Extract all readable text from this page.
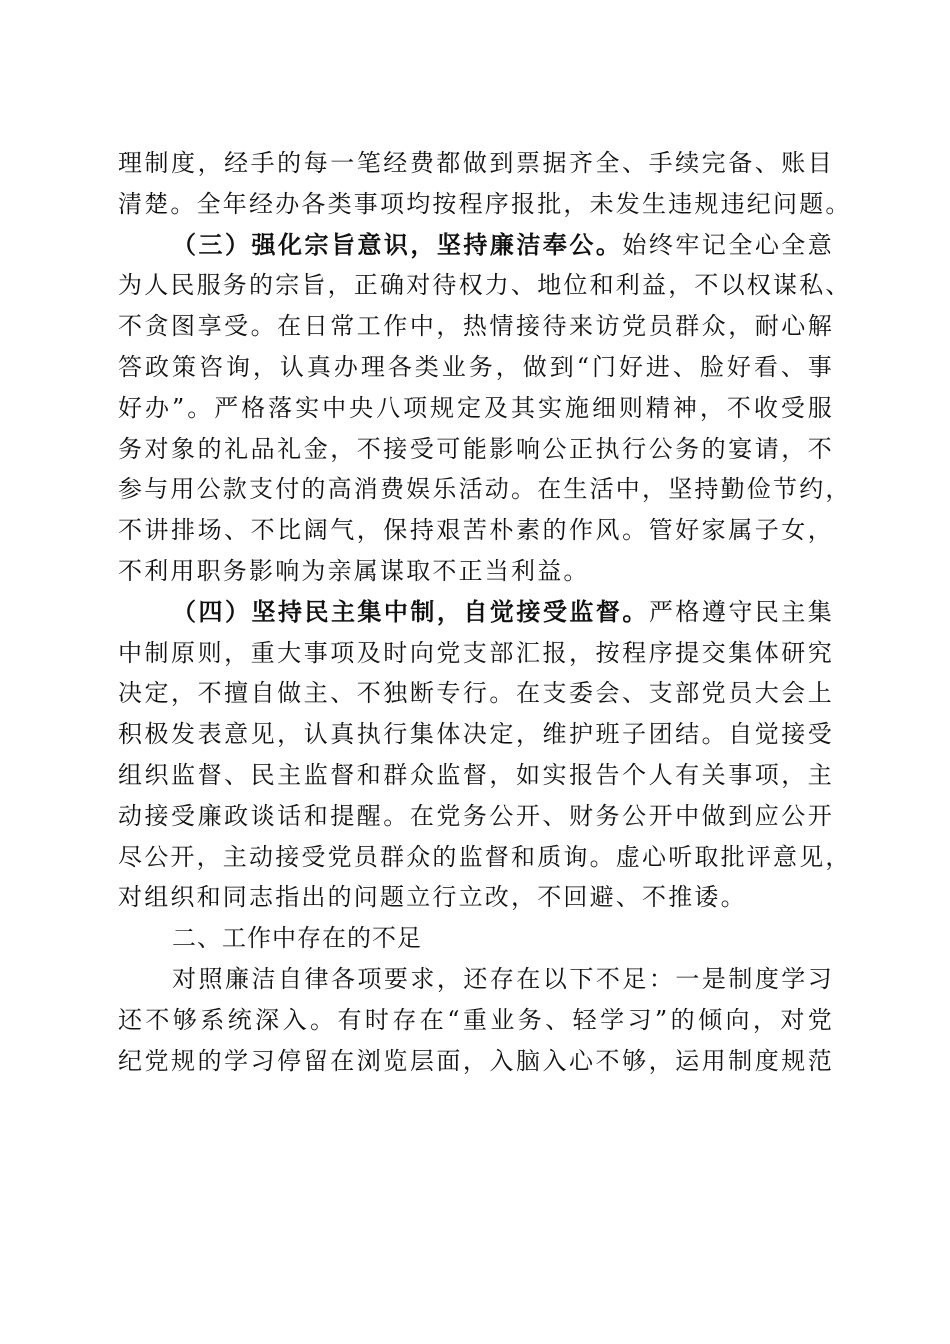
理制度，经手的每一笔经费都做到票据齐全、手续完备、账目
清楚。全年经办各类事项均按程序报批，未发生违规违纪问题。
（三）强化宗旨意识，坚持廉洁奉公。始终牢记全心全意
为人民服务的宗旨，正确对待权力、地位和利益，不以权谋私、
不贪图享受。在日常工作中，热情接待来访党员群众，耐心解
答政策咨询，认真办理各类业务，做到“门好进、脸好看、事
好办”。严格落实中央八项规定及其实施细则精神，不收受服
务对象的礼品礼金，不接受可能影响公正执行公务的宴请，不
参与用公款支付的高消费娱乐活动。在生活中，坚持勤俭节约，
不讲排场、不比阔气，保持艰苦朴素的作风。管好家属子女，
不利用职务影响为亲属谋取不正当利益。
（四）坚持民主集中制，自觉接受监督。严格遵守民主集
中制原则，重大事项及时向党支部汇报，按程序提交集体研究
决定，不擅自做主、不独断专行。在支委会、支部党员大会上
积极发表意见，认真执行集体决定，维护班子团结。自觉接受
组织监督、民主监督和群众监督，如实报告个人有关事项，主
动接受廉政谈话和提醒。在党务公开、财务公开中做到应公开
尽公开，主动接受党员群众的监督和质询。虚心听取批评意见，
对组织和同志指出的问题立行立改，不回避、不推诿。
二、工作中存在的不足
对照廉洁自律各项要求，还存在以下不足：一是制度学习
还不够系统深入。有时存在“重业务、轻学习”的倾向，对党
纪党规的学习停留在浏览层面，入脑入心不够，运用制度规范
